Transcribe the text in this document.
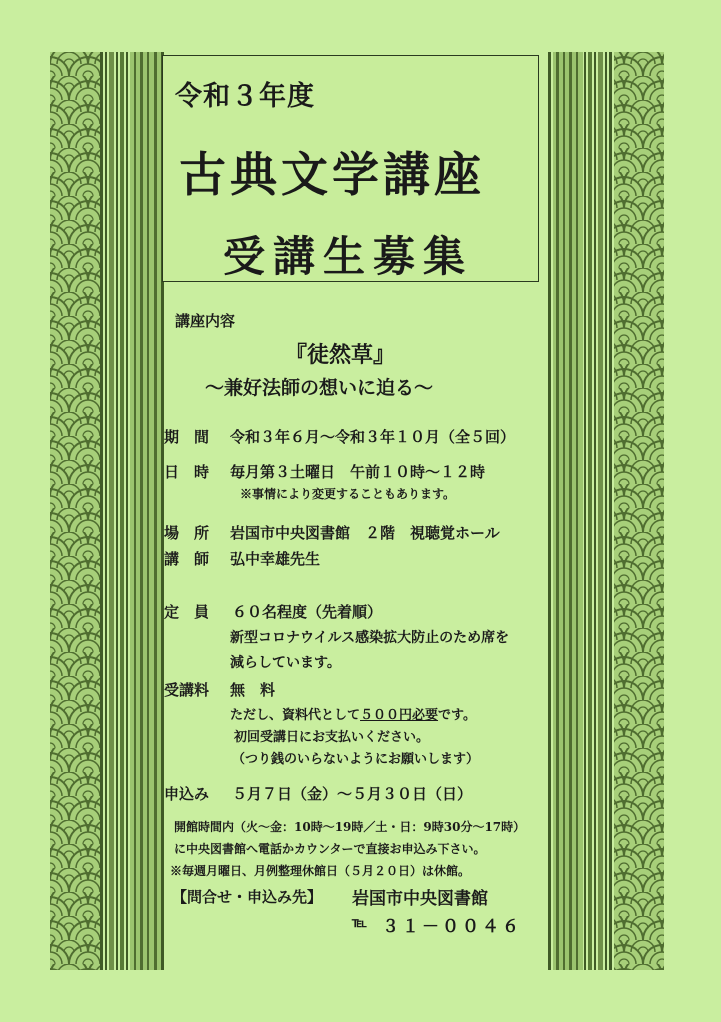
令和３年度
古典文学講座
受講生募集
講座内容
『徒然草』
～兼好法師の想いに迫る～
期　間 令和３年６月～令和３年１０月（全５回）
日　時 毎月第３土曜日　午前１０時～１２時
※事情により変更することもあります。
場　所 岩国市中央図書館　２階　視聴覚ホール
講　師 弘中幸雄先生
定　員 ６０名程度（先着順）
新型コロナウイルス感染拡大防止のため席を
減らしています。
受講料 無　料
ただし、資料代として５００円必要です。
初回受講日にお支払いください。
（つり銭のいらないようにお願いします）
申込み ５月７日（金）～５月３０日（日）
開館時間内（火～金：10時～19時／土・日：9時30分～17時）
に中央図書館へ電話かカウンターで直接お申込み下さい。
※毎週月曜日、月例整理休館日（５月２０日）は休館。
【問合せ・申込み先】 岩国市中央図書館
℡ ３１－００４６
